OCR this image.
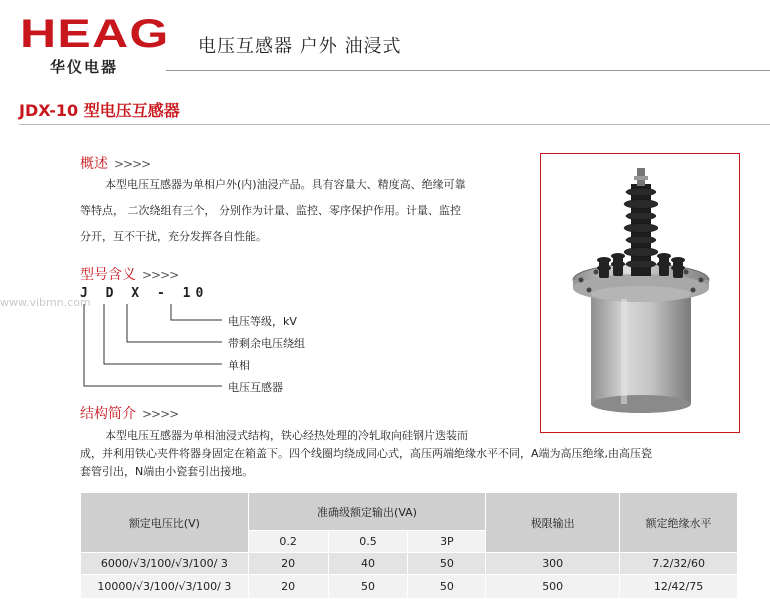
HEAG
华仪电器
电压互感器 户外 油浸式
JDX-10 型电压互感器
概述 >>>>
本型电压互感器为单相户外(内)油浸产品。具有容量大、精度高、绝缘可靠
等特点， 二次绕组有三个， 分别作为计量、监控、零序保护作用。计量、监控
分开，互不干扰，充分发挥各自性能。
型号含义 >>>>
www.vibmn.com
J D X - 10
电压等级，kV
带剩余电压绕组
单相
电压互感器
结构简介 >>>>
本型电压互感器为单相油浸式结构，铁心经热处理的冷轧取向硅钢片迭装而
成，并利用铁心夹件将器身固定在箱盖下。四个线圈均绕成同心式，高压两端绝缘水平不同，A端为高压绝缘,由高压瓷
套管引出，N端由小瓷套引出接地。
额定电压比(V)	准确级额定输出(VA)			极限输出	额定绝缘水平
	0.2	0.5	3P		
6000/√3/100/√3/100/ 3	20	40	50	300	7.2/32/60
10000/√3/100/√3/100/ 3	20	50	50	500	12/42/75
